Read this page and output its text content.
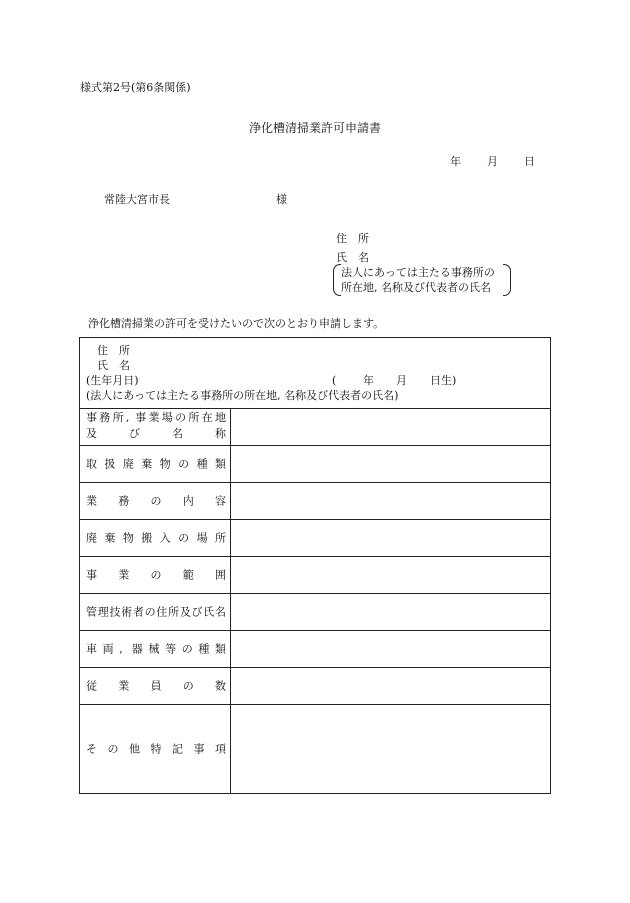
様式第2号(第6条関係)
浄化槽清掃業許可申請書
年 月 日
常陸大宮市長	様
住　所
氏　名
法人にあっては主たる事務所の
所在地, 名称及び代表者の氏名
浄化槽清掃業の許可を受けたいので次のとおり申請します。
住　所
氏　名
(生年月日)	( 年 月 日生)
(法人にあっては主たる事務所の所在地, 名称及び代表者の氏名)
事務所, 事業場の所在地
及び名称
取扱廃棄物の種類
業務の内容
廃棄物搬入の場所
事業の範囲
管理技術者の住所及び氏名
車両, 器械等の種類
従業員の数
その他特記事項
